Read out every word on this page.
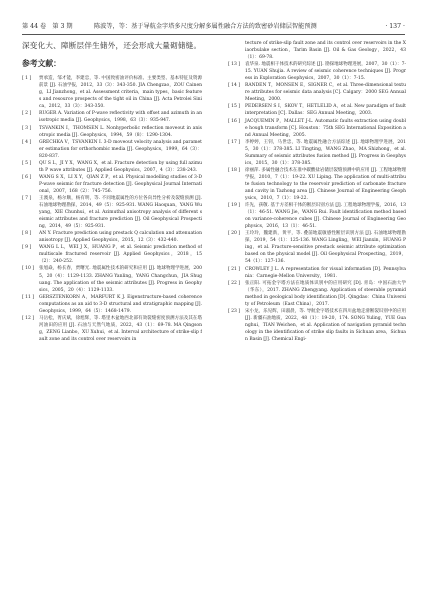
第 44 卷　第 3 期	陈波等，等：基于导航金字塔多尺度分解多属性融合方法的致密砂岩储层智能预测	· 137 ·

深变化大、障断层伴生储外，还会形成大量砌储缝。

参考文献：

[ 1 ] 贾承造，邹才能，李建忠，等. 中国致密油评价标准、主要类型、基本特征及资源前景 [J]. 石油学报，2012，33（3）：343-350. JIA Chengzao，ZOU Caineng，LI Jianzhong，et al. Assessment criteria，main types，basic features and resource prospects of the tight oil in China [J]. Acta Petrolei Sinica，2012，33（3）：343-350.

[ 2 ] RUGER A. Variation of P-wave reflectivity with offset and azimuth in anisotropic media [J]. Geophysics，1998，63（3）：935-947.

[ 3 ] TSVANKIN I，THOMSEN L. Nonhyperbolic reflection moveout in anisotropic media [J]. Geophysics，1994，59（8）：1290-1304.

[ 4 ] GRECHKA V，TSVANKIN I. 3-D moveout velocity analysis and parameter estimation for orthorhombic media [J]. Geophysics，1999，64（3）：820-837.

[ 5 ] QU S L，JI Y X，WANG X，et al. Fracture detection by using full azimuth P wave attributes [J]. Applied Geophysics，2007，4（3）：238-243.

[ 6 ] WANG S X，LI X Y，QIAN Z P，et al. Physical modelling studies of 3-D P-wave seismic for fracture detection [J]. Geophysical Journal International，2007，168（2）：745-756.

[ 7 ] 王澳泉，杨尔顺，杨有明，等. 不同地震属性的方位各向异性分析及裂缝预测 [J]. 石油地球物理勘探，2014，49（5）：925-931. WANG Haoquan，YANG Wuyang，XIE Chunhui，et al. Azimuthal anisotropy analysis of different seismic attributes and fracture prediction [J]. Oil Geophysical Prospecting，2014，49（5）：925-931.

[ 8 ] AN Y. Fracture prediction using prestack Q calculation and attenuation anisotropy [J]. Applied Geophysics，2015，12（3）：432-440.

[ 9 ] WANG L L，WEI J X，HUANG P，et al. Seismic prediction method of multiscale fractured reservoir [J]. Applied Geophysics，2018，15（2）：240-252.

[ 10 ] 张旭焱，杨长春，贾曙光. 地震属性技术的研究和应用 [J]. 地球物理学进展，2005，20（4）：1129-1133. ZHANG Yanling，YANG Changchun，JIA Shuguang. The application of the seismic attributes [J]. Progress in Geophysics，2005，20（4）：1129-1133.

[ 11 ] GERSZTENKORN A，MARFURT K J. Eigenstructure-based coherence computations as an aid to 3-D structural and stratigraphic mapping [J]. Geophysics，1999，64（5）：1468-1479.

[ 12 ] 马岳松，胥庆斌，徐旭辉，等. 塔里木盆地西北部有效裂缝密度预测方法及其在塔河油田的应用 [J]. 石油与天然气地质，2022，43（1）：69-78. MA Qingsong，ZENG Lianbo，XU Xuhui，et al. Interval architecture of strike-slip fault zone and its control over reservoirs in

tecture of strike-slip fault zone and its control over reservoirs in the Xiaorbulake section，Tarim Basin [J]. Oil & Gas Geology，2022，43（1）：69-78.

[ 13 ] 袁华泉. 地震相干体技术的研究综述 [J]. 勘探地球物理进展，2007，30（1）：7-15. YUAN Shujia. A review of seismic coherence techniques [J]. Progress in Exploration Geophysics，2007，30（1）：7-15.

[ 14 ] RANDEN T，MONSEN E，SIGNER C，et al. Three-dimensional texture attributes for seismic data analysis [C]. Calgary：2000 SEG Annual Meeting，2000.

[ 15 ] PEDERSEN S I，SKOV T，HETLELID A，et al. New paradigm of fault interpretation [C]. Dallas：SEG Annual Meeting，2003.

[ 16 ] JACQUEMIN P，MALLET J-L. Automatic faults extraction using double hough transform [C]. Houston：75th SEG International Exposition and Annual Meeting，2005.

[ 17 ] 李婷婷，王钊，马世忠，等. 地震属性融合方法综述 [J]. 地球物理学进展，2015，30（1）：378-385. LI Tingting，WANG Zhao，MA Shizhong，et al. Summary of seismic attributes fusion method [J]. Progress in Geophysics，2015，30（1）：378-385.

[ 18 ] 徐丽萍. 多属性融合技术在准中碳酸盐岩储层裂缝预测中的应用 [J]. 工程地球物理学报，2010，7（1）：19-22. XU Liping. The application of multi-attribute fusion technology to the reservoir prediction of carbonate fracture and cavity in Tazhong area [J]. Chinese Journal of Engineering Geophysics，2010，7（1）：19-22.

[ 19 ] 许先，孩敬. 基于方差相干体的断层识别方法 [J]. 工程地球物理学报，2016，13（1）：46-51. WANG Jie，WANG Rui. Fault identification method based on variance-coherence cubes [J]. Chinese Journal of Engineering Geophysics，2016，13（1）：46-51.

[ 20 ] 王玲玲，魏建新，黄平，等. 叠前地震敏感性断层识别方法 [J]. 石油地球物理勘探，2019，54（1）：125-136. WANG Lingling，WEI Jianxin，HUANG Ping，et al. Fracture-sensitive prestack seismic attribute optimization based on the physical model [J]. Oil Geophysical Prospecting，2019，54（1）：127-136.

[ 21 ] CROWLEY J L. A representation for visual information [D]. Pennsylvania：Carnegie-Mellon University，1981.

[ 22 ] 张正阳. 可拓金字塔方法在地质体识别中的应用研究 [D]. 青岛：中国石油大学（华东），2017. ZHANG Zhengyang. Application of steerable pyramid method in geological body identification [D]. Qingdao：China University of Petroleum（East China），2017.

[ 23 ] 宋小龙，乐见辉，田淑晨，等. 导航金字塔技术在四川盆地走滑断裂识别中的应用 [J]. 新疆石油地质，2022，48（1）：19-20，174. SONG Yuling，YUE Guanghui，TIAN Weichen，et al. Application of navigation pyramid technology in the identification of strike slip faults in Sichuan area，Sichuan Basin [J]. Chemical Engi-
